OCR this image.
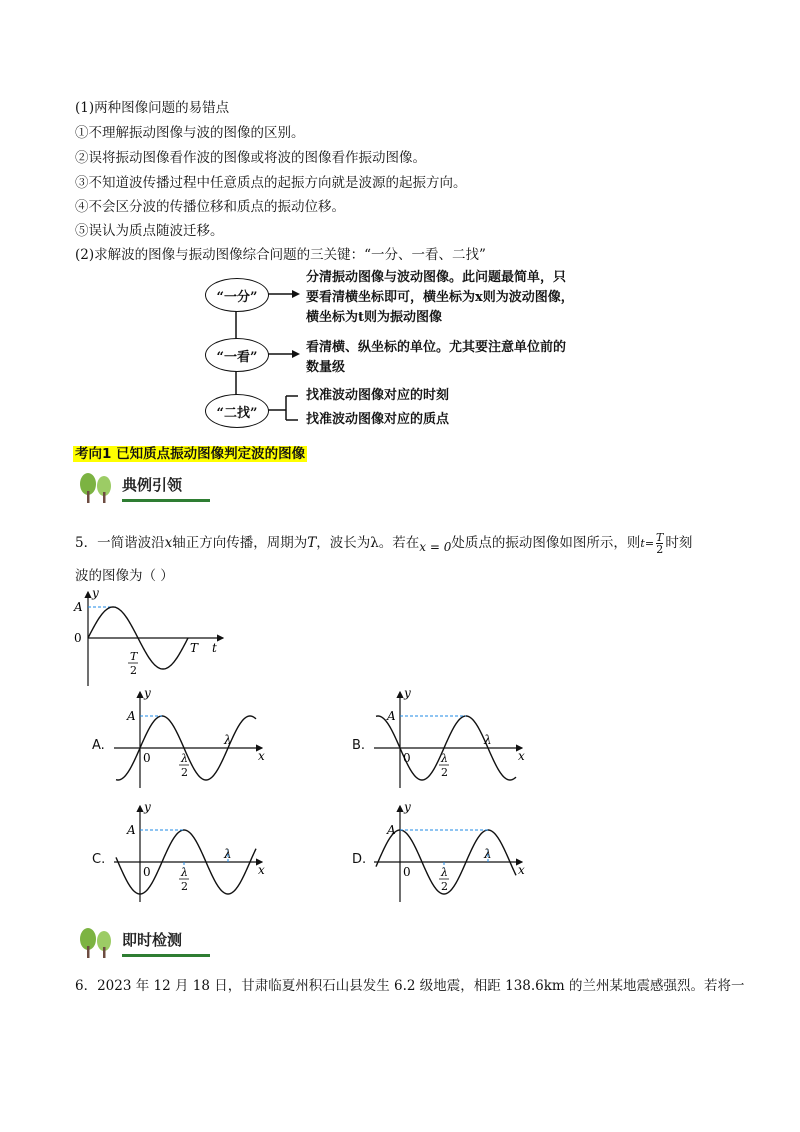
(1)两种图像问题的易错点
①不理解振动图像与波的图像的区别。
②误将振动图像看作波的图像或将波的图像看作振动图像。
③不知道波传播过程中任意质点的起振方向就是波源的起振方向。
④不会区分波的传播位移和质点的振动位移。
⑤误认为质点随波迁移。
(2)求解波的图像与振动图像综合问题的三关键：“一分、一看、二找”
“一分”
“一看”
“二找”
分清振动图像与波动图像。此问题最简单，只
要看清横坐标即可，横坐标为x则为波动图像，
横坐标为t则为振动图像
看清横、纵坐标的单位。尤其要注意单位前的
数量级
找准波动图像对应的时刻
找准波动图像对应的质点
考向1 已知质点振动图像判定波的图像
典例引领
5．一简谐波沿x轴正方向传播，周期为T，波长为λ。若在x = 0处质点的振动图像如图所示，则$t= \frac{T}{2}$ 时刻
波的图像为（ ）
y
A
0
T
2
T t
A.	B.
C.	D.
y
A
0	λ
2
λ
x
y
A
0	λ
2
λ
x
y
A
0	λ
2
λ
x
y
A
0	λ
2
λ
x
即时检测
6．2023 年 12 月 18 日，甘肃临夏州积石山县发生 6.2 级地震，相距 138.6km 的兰州某地震感强烈。若将一
